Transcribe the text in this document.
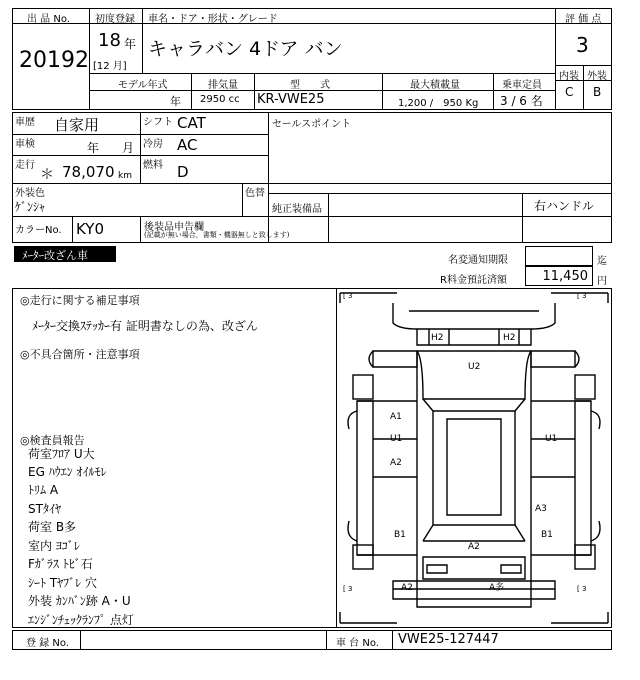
出 品 No.
20192
初度登録
18 年
[12 月]
車名・ドア・形状・グレード
キャラバン 4ドア バン
評 価 点
3
内装 外装
C B
モデル年式	排気量	型　　式	最大積載量	乗車定員
年 2950 cc KR-VWE25	1,200 /　950 Kg 3 / 6 名
車歴 自家用	シフト CAT
車検	年 月 冷房 AC
走行
＊ 78,070 km
燃料 D
セールスポイント
外装色
ｹﾞﾝｼｬ
色替
純正装備品	右ハンドル
カラーNo. KY0	後装品申告欄
(記載が無い場合，書類・機器無しと致します)
ﾒｰﾀｰ改ざん車	名変通知期限	迄
R料金預託済額	11,450 円
◎走行に関する補足事項
ﾒｰﾀｰ交換ｽﾃｯｶｰ有 証明書なしの為、改ざん
◎不具合箇所・注意事項
◎検査員報告
荷室ﾌﾛｱ U大
EG ﾊｳｴﾝ ｵｲﾙﾓﾚ
ﾄﾘﾑ A
STﾀｲﾔ
荷室 B多
室内 ﾖｺﾞﾚ
Fｶﾞﾗｽ ﾄﾋﾞ石
ｼｰﾄ Tﾔﾌﾞﾚ 穴
外装 ｶﾝﾊﾞﾝ跡 A・U
ｴﾝｼﾞﾝﾁｪｯｸﾗﾝﾌﾟ 点灯
[ 3	[ 3
[ 3	[ 3
H2	H2
U2
A1
U1	U1
A2
A3
B1	B1
A2
A2	A多
登 録 No.	車 台 No. VWE25-127447
